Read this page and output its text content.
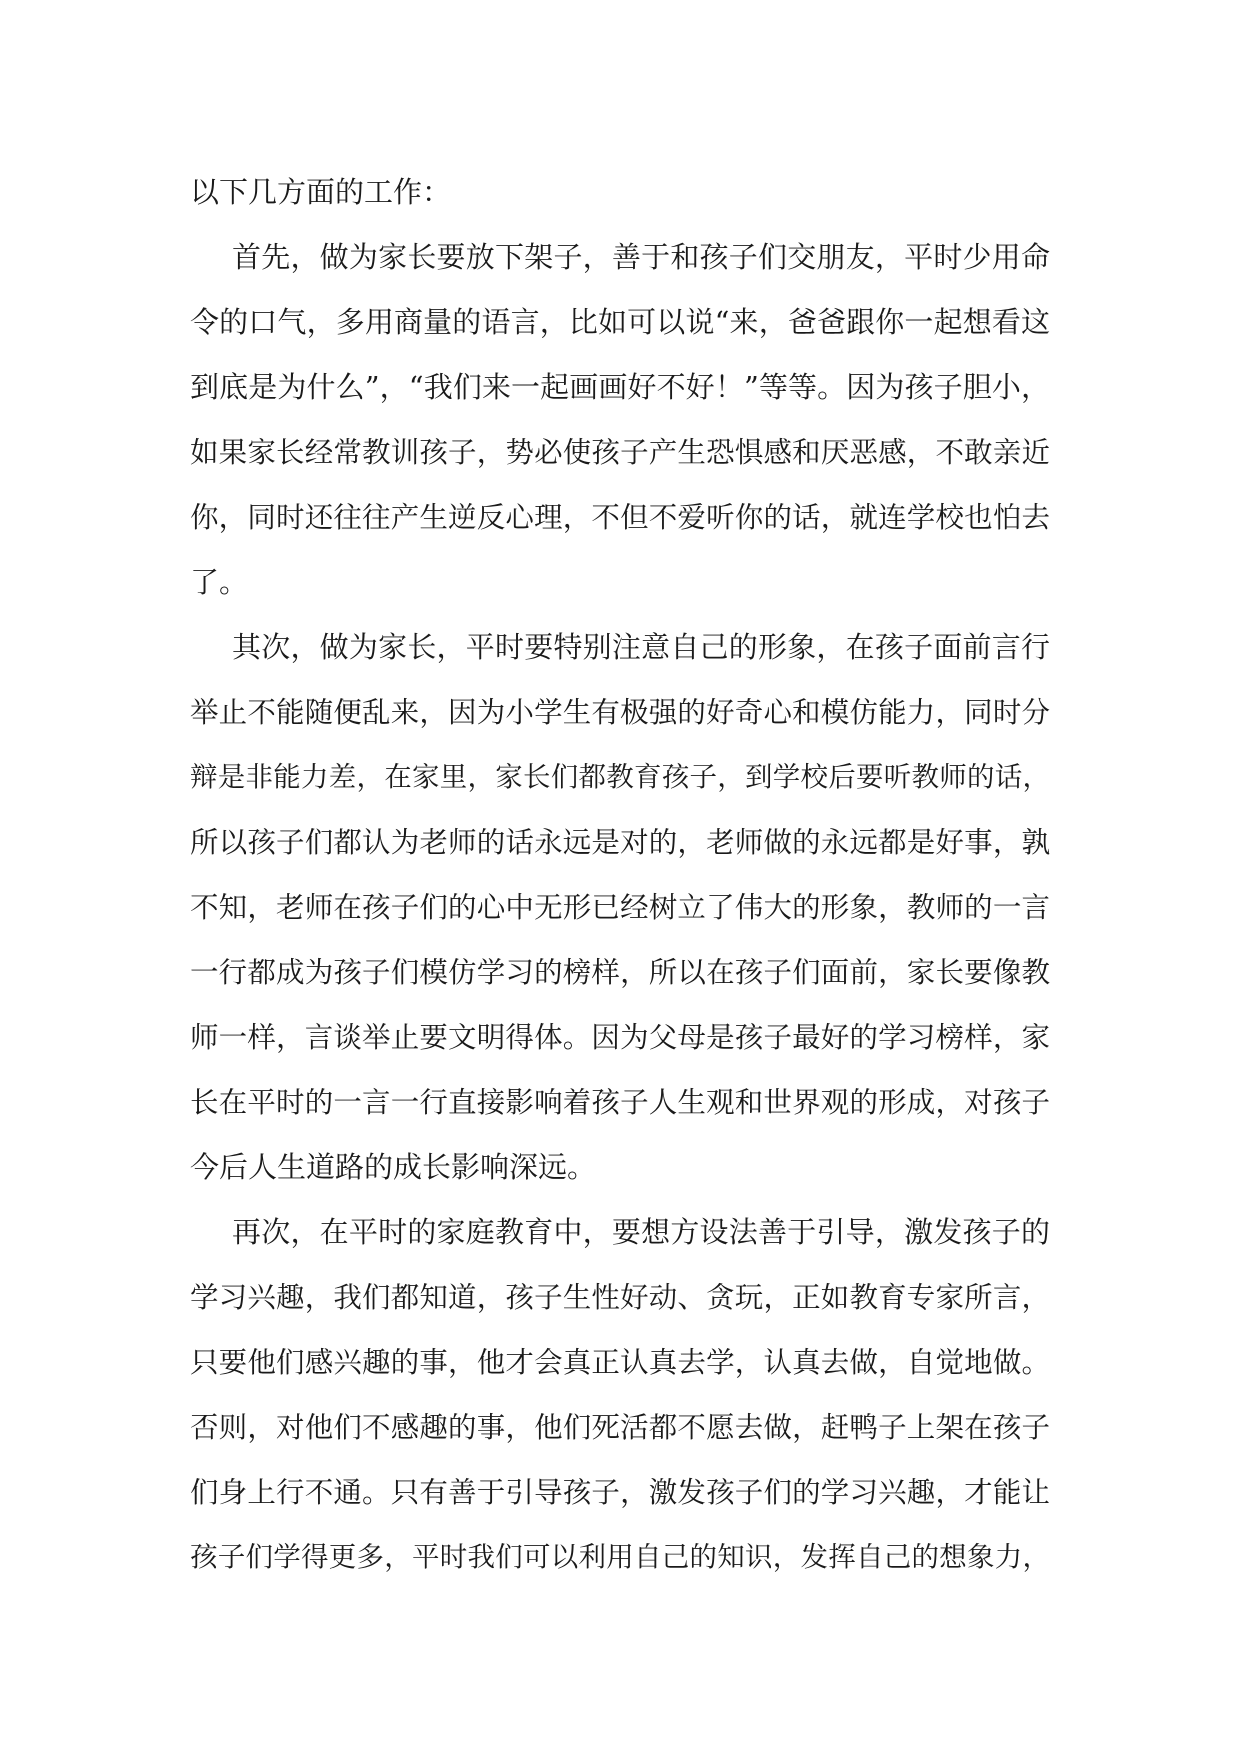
以下几方面的工作：
首先，做为家长要放下架子，善于和孩子们交朋友，平时少用命
令的口气，多用商量的语言，比如可以说“来，爸爸跟你一起想看这
到底是为什么”，“我们来一起画画好不好！”等等。因为孩子胆小，
如果家长经常教训孩子，势必使孩子产生恐惧感和厌恶感，不敢亲近
你，同时还往往产生逆反心理，不但不爱听你的话，就连学校也怕去
了。
其次，做为家长，平时要特别注意自己的形象，在孩子面前言行
举止不能随便乱来，因为小学生有极强的好奇心和模仿能力，同时分
辩是非能力差，在家里，家长们都教育孩子，到学校后要听教师的话，
所以孩子们都认为老师的话永远是对的，老师做的永远都是好事，孰
不知，老师在孩子们的心中无形已经树立了伟大的形象，教师的一言
一行都成为孩子们模仿学习的榜样，所以在孩子们面前，家长要像教
师一样，言谈举止要文明得体。因为父母是孩子最好的学习榜样，家
长在平时的一言一行直接影响着孩子人生观和世界观的形成，对孩子
今后人生道路的成长影响深远。
再次，在平时的家庭教育中，要想方设法善于引导，激发孩子的
学习兴趣，我们都知道，孩子生性好动、贪玩，正如教育专家所言，
只要他们感兴趣的事，他才会真正认真去学，认真去做，自觉地做。
否则，对他们不感趣的事，他们死活都不愿去做，赶鸭子上架在孩子
们身上行不通。只有善于引导孩子，激发孩子们的学习兴趣，才能让
孩子们学得更多，平时我们可以利用自己的知识，发挥自己的想象力，
